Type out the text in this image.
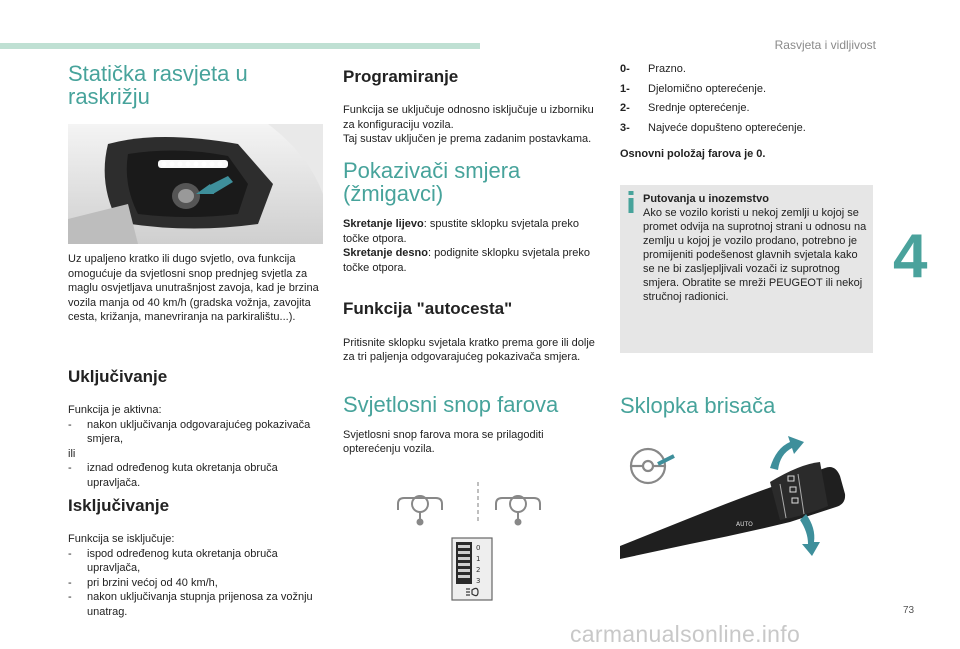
Rasvjeta i vidljivost
4
Statička rasvjeta u raskrižju

Uz upaljeno kratko ili dugo svjetlo, ova funkcija omogućuje da svjetlosni snop prednjeg svjetla za maglu osvjetljava unutrašnjost zavoja, kad je brzina vozila manja od 40 km/h (gradska vožnja, zavojita cesta, križanja, manevriranja na parkiralištu...).

Uključivanje

Funkcija je aktivna:

- nakon uključivanja odgovarajućeg pokazivača smjera,

ili

- iznad određenog kuta okretanja obruča upravljača.
Isključivanje

Funkcija se isključuje:

- ispod određenog kuta okretanja obruča upravljača,
- pri brzini većoj od 40 km/h,
- nakon uključivanja stupnja prijenosa za vožnju unatrag.
Programiranje

Funkcija se uključuje odnosno isključuje u izborniku za konfiguraciju vozila.

Taj sustav uključen je prema zadanim postavkama.

Pokazivači smjera (žmigavci)

Skretanje lijevo: spustite sklopku svjetala preko točke otpora.

Skretanje desno: podignite sklopku svjetala preko točke otpora.

Funkcija "autocesta"

Pritisnite sklopku svjetala kratko prema gore ili dolje za tri paljenja odgovarajućeg pokazivača smjera.

Svjetlosni snop farova

Svjetlosni snop farova mora se prilagoditi opterećenju vozila.

0
1
2
3
0-	Prazno.
1-	Djelomično opterećenje.
2-	Srednje opterećenje.
3-	Najveće dopušteno opterećenje.

Osnovni položaj farova je 0.

Putovanja u inozemstvo
Ako se vozilo koristi u nekoj zemlji u kojoj se promet odvija na suprotnoj strani u odnosu na zemlju u kojoj je vozilo prodano, potrebno je promijeniti podešenost glavnih svjetala kako se ne bi zasljepljivali vozači iz suprotnog smjera. Obratite se mreži PEUGEOT ili nekoj stručnoj radionici.
Sklopka brisača
AUTO
73
carmanualsonline.info
